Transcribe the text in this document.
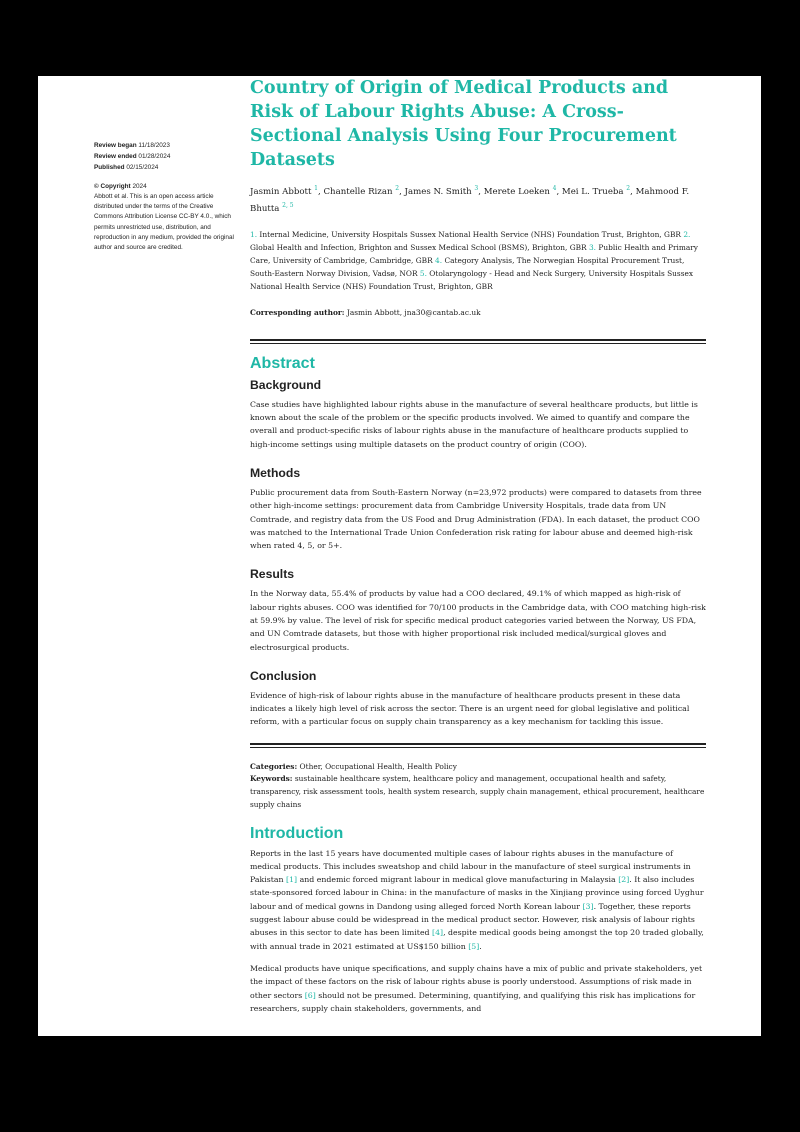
Review began 11/18/2023
Review ended 01/28/2024
Published 02/15/2024
© Copyright 2024
Abbott et al. This is an open access article distributed under the terms of the Creative Commons Attribution License CC-BY 4.0., which permits unrestricted use, distribution, and reproduction in any medium, provided the original author and source are credited.
Country of Origin of Medical Products and Risk of Labour Rights Abuse: A Cross-Sectional Analysis Using Four Procurement Datasets
Jasmin Abbott $^1$, Chantelle Rizan $^2$, James N. Smith $^3$, Merete Loeken $^4$, Mei L. Trueba $^2$, Mahmood F. Bhutta $^{2, 5}$
1. Internal Medicine, University Hospitals Sussex National Health Service (NHS) Foundation Trust, Brighton, GBR 2. Global Health and Infection, Brighton and Sussex Medical School (BSMS), Brighton, GBR 3. Public Health and Primary Care, University of Cambridge, Cambridge, GBR 4. Category Analysis, The Norwegian Hospital Procurement Trust, South-Eastern Norway Division, Vadsø, NOR 5. Otolaryngology - Head and Neck Surgery, University Hospitals Sussex National Health Service (NHS) Foundation Trust, Brighton, GBR
Corresponding author: Jasmin Abbott, jna30@cantab.ac.uk
Abstract
Background

Case studies have highlighted labour rights abuse in the manufacture of several healthcare products, but little is known about the scale of the problem or the specific products involved. We aimed to quantify and compare the overall and product-specific risks of labour rights abuse in the manufacture of healthcare products supplied to high-income settings using multiple datasets on the product country of origin (COO).

Methods

Public procurement data from South-Eastern Norway (n=23,972 products) were compared to datasets from three other high-income settings: procurement data from Cambridge University Hospitals, trade data from UN Comtrade, and registry data from the US Food and Drug Administration (FDA). In each dataset, the product COO was matched to the International Trade Union Confederation risk rating for labour abuse and deemed high-risk when rated 4, 5, or 5+.

Results

In the Norway data, 55.4% of products by value had a COO declared, 49.1% of which mapped as high-risk of labour rights abuses. COO was identified for 70/100 products in the Cambridge data, with COO matching high-risk at 59.9% by value. The level of risk for specific medical product categories varied between the Norway, US FDA, and UN Comtrade datasets, but those with higher proportional risk included medical/surgical gloves and electrosurgical products.

Conclusion

Evidence of high-risk of labour rights abuse in the manufacture of healthcare products present in these data indicates a likely high level of risk across the sector. There is an urgent need for global legislative and political reform, with a particular focus on supply chain transparency as a key mechanism for tackling this issue.

Categories: Other, Occupational Health, Health Policy
Keywords: sustainable healthcare system, healthcare policy and management, occupational health and safety, transparency, risk assessment tools, health system research, supply chain management, ethical procurement, healthcare supply chains
Introduction

Reports in the last 15 years have documented multiple cases of labour rights abuses in the manufacture of medical products. This includes sweatshop and child labour in the manufacture of steel surgical instruments in Pakistan [1] and endemic forced migrant labour in medical glove manufacturing in Malaysia [2]. It also includes state-sponsored forced labour in China: in the manufacture of masks in the Xinjiang province using forced Uyghur labour and of medical gowns in Dandong using alleged forced North Korean labour [3]. Together, these reports suggest labour abuse could be widespread in the medical product sector. However, risk analysis of labour rights abuses in this sector to date has been limited [4], despite medical goods being amongst the top 20 traded globally, with annual trade in 2021 estimated at US$150 billion [5].

Medical products have unique specifications, and supply chains have a mix of public and private stakeholders, yet the impact of these factors on the risk of labour rights abuse is poorly understood. Assumptions of risk made in other sectors [6] should not be presumed. Determining, quantifying, and qualifying this risk has implications for researchers, supply chain stakeholders, governments, and
